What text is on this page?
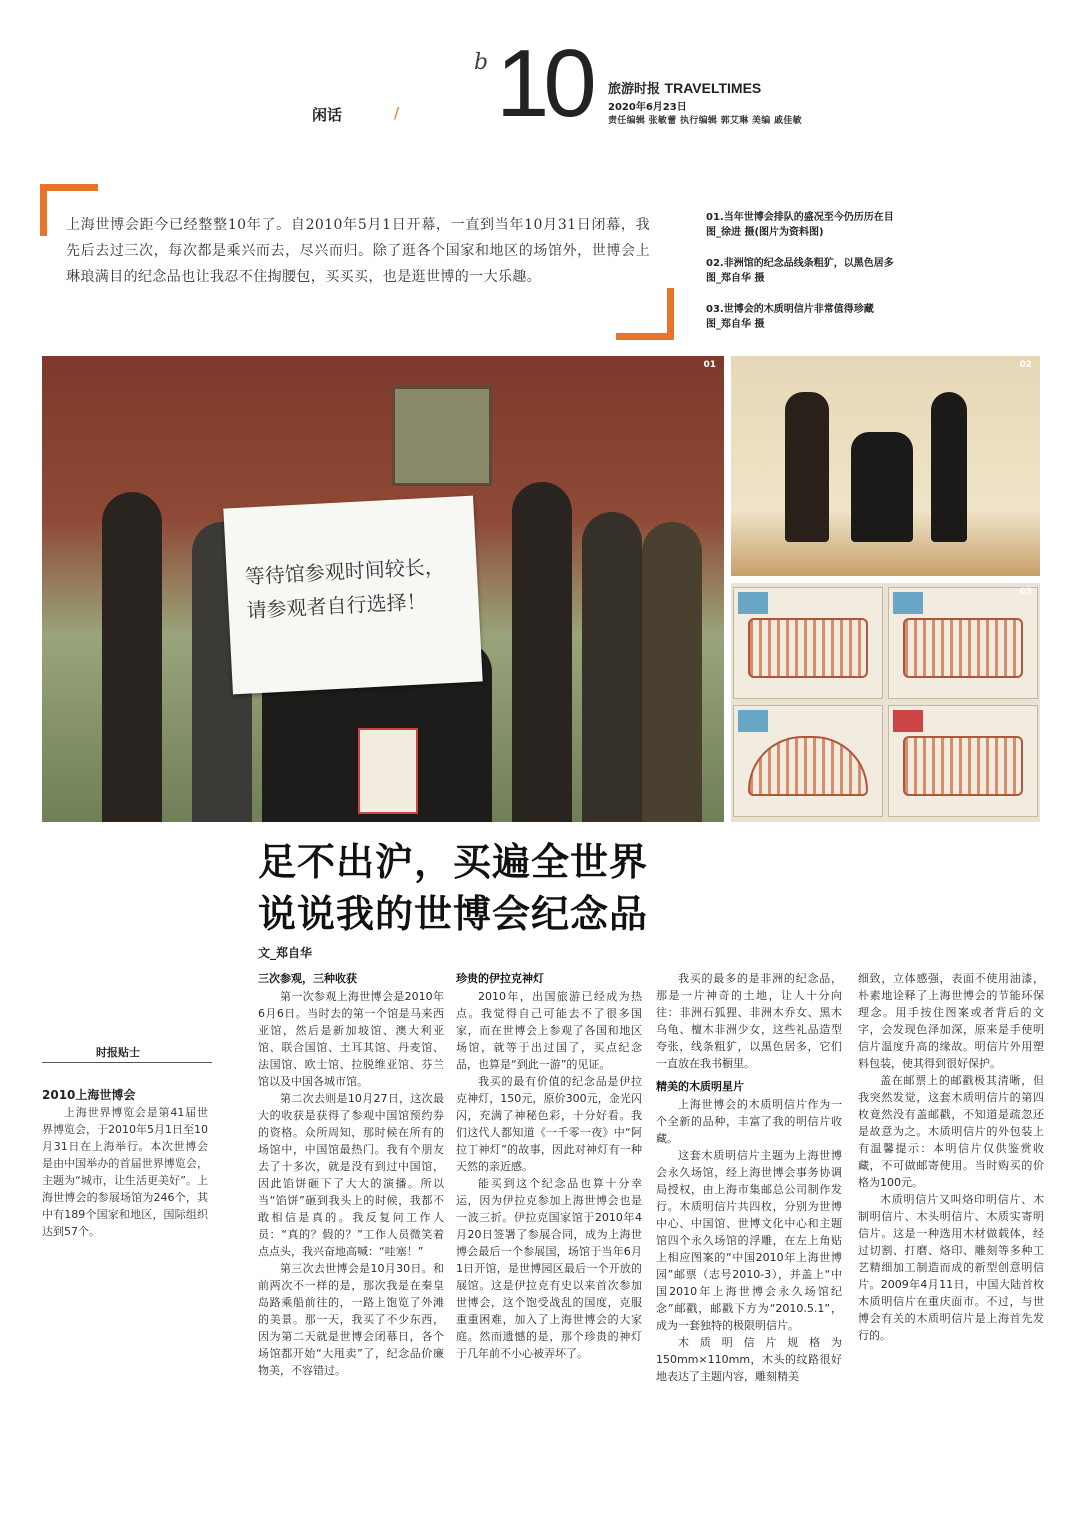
闲话	/
b 10 旅游时报 TRAVELTIMES
2020年6月23日
责任编辑 张敏蕾 执行编辑 郭艾琳 美编 戚佳敏
上海世博会距今已经整整10年了。自2010年5月1日开幕，一直到当年10月31日闭幕，我先后去过三次，每次都是乘兴而去，尽兴而归。除了逛各个国家和地区的场馆外，世博会上琳琅满目的纪念品也让我忍不住掏腰包，买买买，也是逛世博的一大乐趣。
01.当年世博会排队的盛况至今仍历历在目
图_徐进 摄(图片为资料图)
02.非洲馆的纪念品线条粗犷，以黑色居多
图_郑自华 摄
03.世博会的木质明信片非常值得珍藏
图_郑自华 摄
等待馆参观时间较长，
请参观者自行选择！
01	02
03
足不出沪，买遍全世界
说说我的世博会纪念品
文_郑自华
时报贴士
2010上海世博会

上海世界博览会是第41届世界博览会，于2010年5月1日至10月31日在上海举行。本次世博会是由中国举办的首届世界博览会，主题为“城市，让生活更美好”。上海世博会的参展场馆为246个，其中有189个国家和地区，国际组织达到57个。

三次参观，三种收获

第一次参观上海世博会是2010年6月6日。当时去的第一个馆是马来西亚馆，然后是新加坡馆、澳大利亚馆、联合国馆、土耳其馆、丹麦馆、法国馆、欧士馆、拉脱维亚馆、芬兰馆以及中国各城市馆。

第二次去则是10月27日，这次最大的收获是获得了参观中国馆预约券的资格。众所周知，那时候在所有的场馆中，中国馆最热门。我有个朋友去了十多次，就是没有到过中国馆，因此馅饼砸下了大大的演播。所以当“馅饼”砸到我头上的时候，我都不敢相信是真的。我反复问工作人员：“真的？假的？”工作人员微笑着点点头，我兴奋地高喊：“哇塞！”

第三次去世博会是10月30日。和前两次不一样的是，那次我是在秦皇岛路乘船前往的，一路上饱览了外滩的美景。那一天，我买了不少东西，因为第二天就是世博会闭幕日，各个场馆都开始“大甩卖”了，纪念品价廉物美，不容错过。

珍贵的伊拉克神灯

2010年，出国旅游已经成为热点。我觉得自己可能去不了很多国家，而在世博会上参观了各国和地区场馆，就等于出过国了，买点纪念品，也算是“到此一游”的见证。

我买的最有价值的纪念品是伊拉克神灯，150元，原价300元，金光闪闪，充满了神秘色彩，十分好看。我们这代人都知道《一千零一夜》中“阿拉丁神灯”的故事，因此对神灯有一种天然的亲近感。

能买到这个纪念品也算十分幸运，因为伊拉克参加上海世博会也是一波三折。伊拉克国家馆于2010年4月20日签署了参展合同，成为上海世博会最后一个参展国，场馆于当年6月1日开馆，是世博园区最后一个开放的展馆。这是伊拉克有史以来首次参加世博会，这个饱受战乱的国度，克服重重困难，加入了上海世博会的大家庭。然而遗憾的是，那个珍贵的神灯于几年前不小心被弄坏了。

我买的最多的是非洲的纪念品，那是一片神奇的土地，让人十分向往：非洲石狐狸、非洲木乔女、黑木乌龟、檀木非洲少女，这些礼品造型夸张，线条粗犷，以黑色居多，它们一直放在我书橱里。

精美的木质明星片

上海世博会的木质明信片作为一个全新的品种，丰富了我的明信片收藏。

这套木质明信片主题为上海世博会永久场馆，经上海世博会事务协调局授权，由上海市集邮总公司制作发行。木质明信片共四枚，分别为世博中心、中国馆、世博文化中心和主题馆四个永久场馆的浮雕，在左上角贴上相应图案的“中国2010年上海世博园”邮票（志号2010-3），并盖上“中国2010年上海世博会永久场馆纪念”邮戳，邮戳下方为“2010.5.1”，成为一套独特的极限明信片。

木质明信片规格为150mm×110mm，木头的纹路很好地表达了主题内容，雕刻精美

细致，立体感强，表面不使用油漆，朴素地诠释了上海世博会的节能环保理念。用手按住图案或者背后的文字，会发现色泽加深，原来是手使明信片温度升高的缘故。明信片外用塑料包装，使其得到很好保护。

盖在邮票上的邮戳极其清晰，但我突然发觉，这套木质明信片的第四枚竟然没有盖邮戳，不知道是疏忽还是故意为之。木质明信片的外包装上有温馨提示：本明信片仅供鉴赏收藏，不可做邮寄使用。当时购买的价格为100元。

木质明信片又叫烙印明信片、木制明信片、木头明信片、木质实寄明信片。这是一种选用木材做载体，经过切割、打磨、烙印、雕刻等多种工艺精细加工制造而成的新型创意明信片。2009年4月11日，中国大陆首枚木质明信片在重庆面市。不过，与世博会有关的木质明信片是上海首先发行的。
